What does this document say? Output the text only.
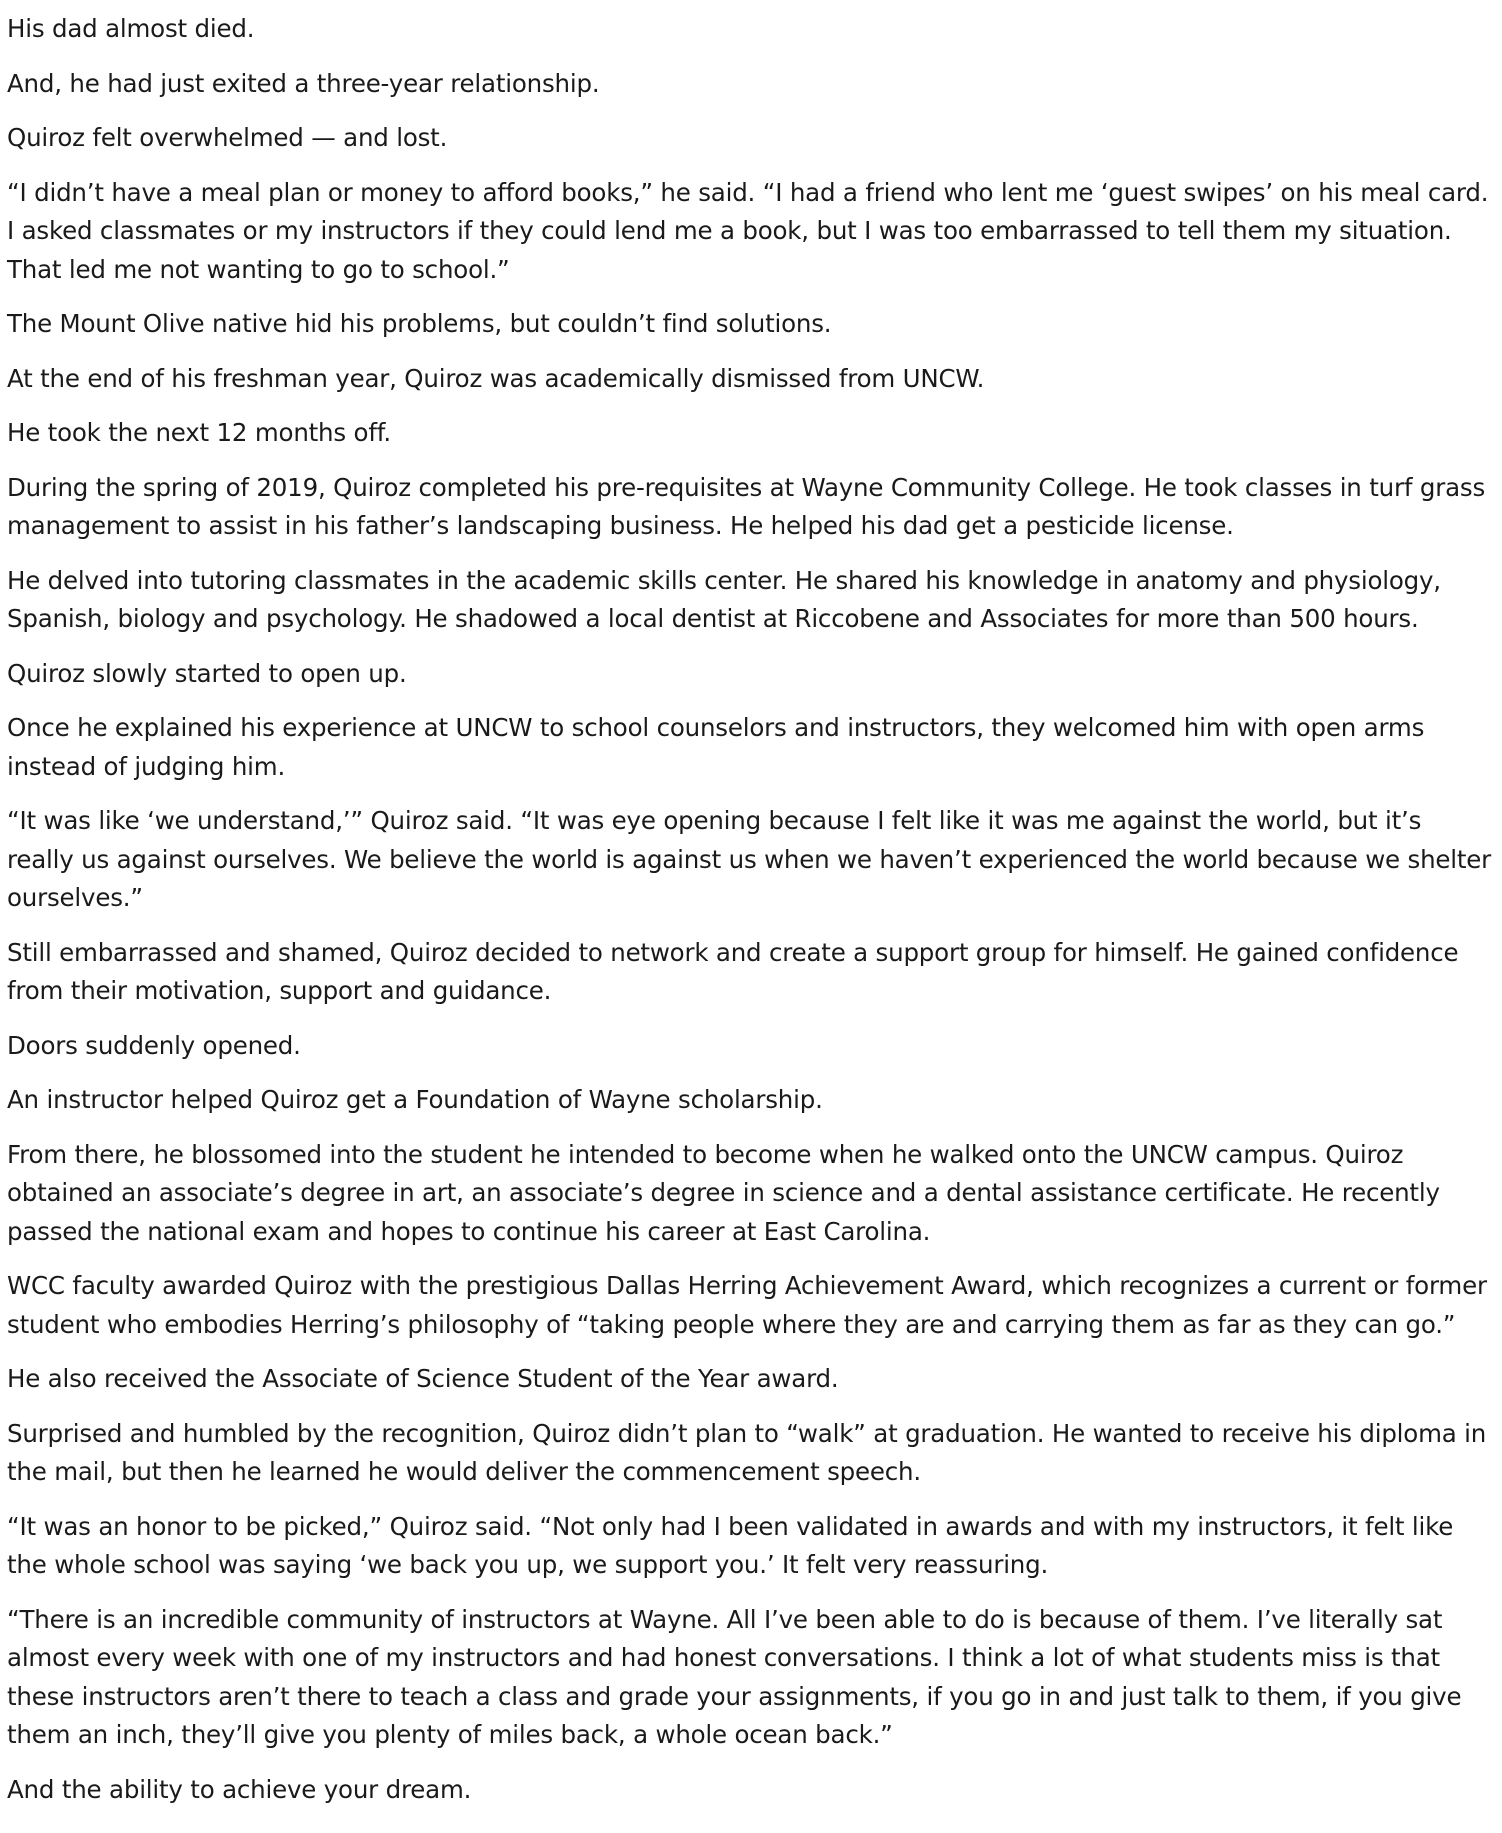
His dad almost died.

And, he had just exited a three-year relationship.

Quiroz felt overwhelmed — and lost.

“I didn’t have a meal plan or money to afford books,” he said. “I had a friend who lent me ‘guest swipes’ on his meal card. I asked classmates or my instructors if they could lend me a book, but I was too embarrassed to tell them my situation. That led me not wanting to go to school.”

The Mount Olive native hid his problems, but couldn’t find solutions.

At the end of his freshman year, Quiroz was academically dismissed from UNCW.

He took the next 12 months off.

During the spring of 2019, Quiroz completed his pre-requisites at Wayne Community College. He took classes in turf grass management to assist in his father’s landscaping business. He helped his dad get a pesticide license.

He delved into tutoring classmates in the academic skills center. He shared his knowledge in anatomy and physiology, Spanish, biology and psychology. He shadowed a local dentist at Riccobene and Associates for more than 500 hours.

Quiroz slowly started to open up.

Once he explained his experience at UNCW to school counselors and instructors, they welcomed him with open arms instead of judging him.

“It was like ‘we understand,’” Quiroz said. “It was eye opening because I felt like it was me against the world, but it’s really us against ourselves. We believe the world is against us when we haven’t experienced the world because we shelter ourselves.”

Still embarrassed and shamed, Quiroz decided to network and create a support group for himself. He gained confidence from their motivation, support and guidance.

Doors suddenly opened.

An instructor helped Quiroz get a Foundation of Wayne scholarship.

From there, he blossomed into the student he intended to become when he walked onto the UNCW campus. Quiroz obtained an associate’s degree in art, an associate’s degree in science and a dental assistance certificate. He recently passed the national exam and hopes to continue his career at East Carolina.

WCC faculty awarded Quiroz with the prestigious Dallas Herring Achievement Award, which recognizes a current or former student who embodies Herring’s philosophy of “taking people where they are and carrying them as far as they can go.”

He also received the Associate of Science Student of the Year award.

Surprised and humbled by the recognition, Quiroz didn’t plan to “walk” at graduation. He wanted to receive his diploma in the mail, but then he learned he would deliver the commencement speech.

“It was an honor to be picked,” Quiroz said. “Not only had I been validated in awards and with my instructors, it felt like the whole school was saying ‘we back you up, we support you.’ It felt very reassuring.

“There is an incredible community of instructors at Wayne. All I’ve been able to do is because of them. I’ve literally sat almost every week with one of my instructors and had honest conversations. I think a lot of what students miss is that these instructors aren’t there to teach a class and grade your assignments, if you go in and just talk to them, if you give them an inch, they’ll give you plenty of miles back, a whole ocean back.”

And the ability to achieve your dream.
